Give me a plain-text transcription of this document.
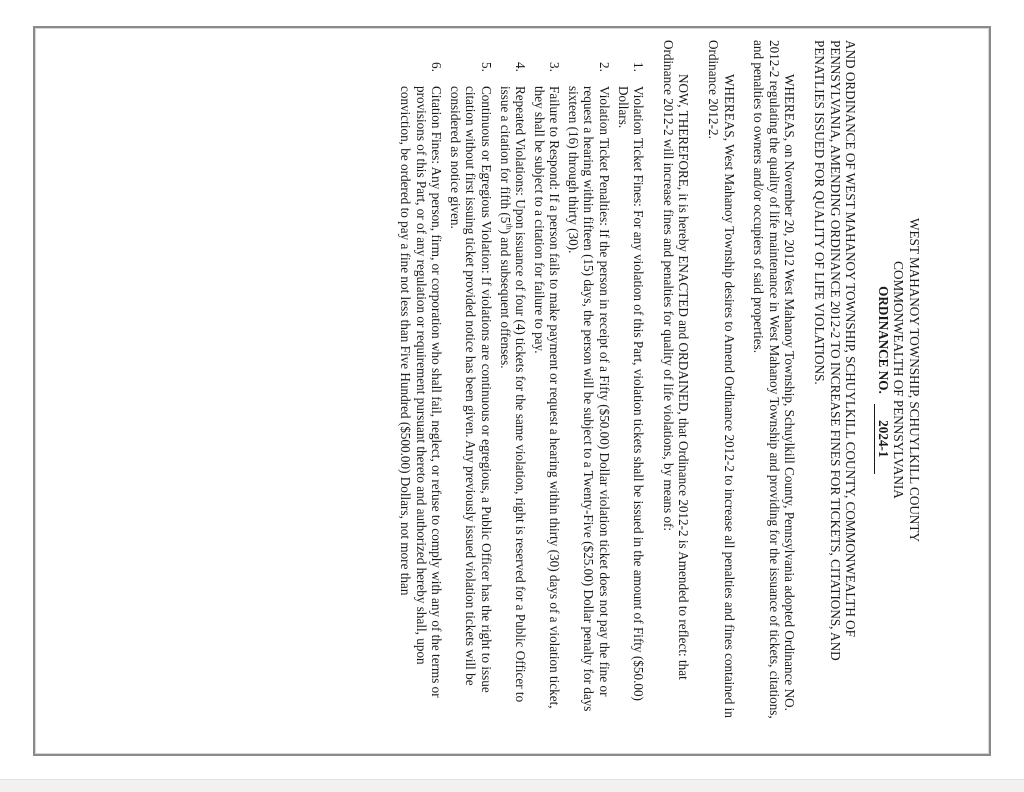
WEST MAHANOY TOWNSHIP, SCHUYLKILL COUNTY

COMMONWEALTH OF PENNSYLVANIA

ORDINANCE NO.2024-1

AND ORDINANCE OF WEST MAHANOY TOWNSHIP, SCHUYLKILL COUNTY, COMMONWEALTH OF PENNSYLVANIA, AMENDING ORDINANCE 2012-2 TO INCREASE FINES FOR TICKETS, CITATIONS, AND PENATLIES ISSUED FOR QUALITY OF LIFE VIOLATIONS.

WHEREAS, on November 20, 2012 West Mahanoy Township, Schuylkill County, Pennsylvania adopted Ordinance NO. 2012-2 regulating the quality of life maintenance in West Mahanoy Township and providing for the issuance of tickets, citations, and penalties to owners and/or occupiers of said properties.

WHEREAS, West Mahanoy Township desires to Amend Ordinance 2012-2 to increase all penalties and fines contained in Ordinance 2012-2.

NOW, THEREFORE, it is hereby ENACTED and ORDAINED, that Ordinance 2012-2 is Amended to reflect: that Ordinance 2012-2 will increase fines and penalties for quality of life violations, by means of:

1.
Violation Ticket Fines: For any violation of this Part, violation tickets shall be issued in the amount of Fifty ($50.00) Dollars.
2.
Violation Ticket Penalties: If the person in receipt of a Fifty ($50.00) Dollar violation ticket does not pay the fine or request a hearing within fifteen (15) days, the person will be subject to a Twenty-Five ($25.00) Dollar penalty for days sixteen (16) through thirty (30).
3.
Failure to Respond: If a person fails to make payment or request a hearing within thirty (30) days of a violation ticket, they shall be subject to a citation for failure to pay.
4.
Repeated Violations: Upon issuance of four (4) tickets for the same violation, right is reserved for a Public Officer to issue a citation for fifth (5th) and subsequent offenses.
5.
Continuous or Egregious Violation: If violations are continuous or egregious, a Public Officer has the right to issue citation without first issuing ticket provided notice has been given. Any previously issued violation tickets will be considered as notice given.
6.
Citation Fines: Any person, firm, or corporation who shall fail, neglect, or refuse to comply with any of the terms or provisions of this Part, or of any regulation or requirement pursuant thereto and authorized hereby shall, upon conviction, be ordered to pay a fine not less than Five Hundred ($500.00) Dollars, not more than
